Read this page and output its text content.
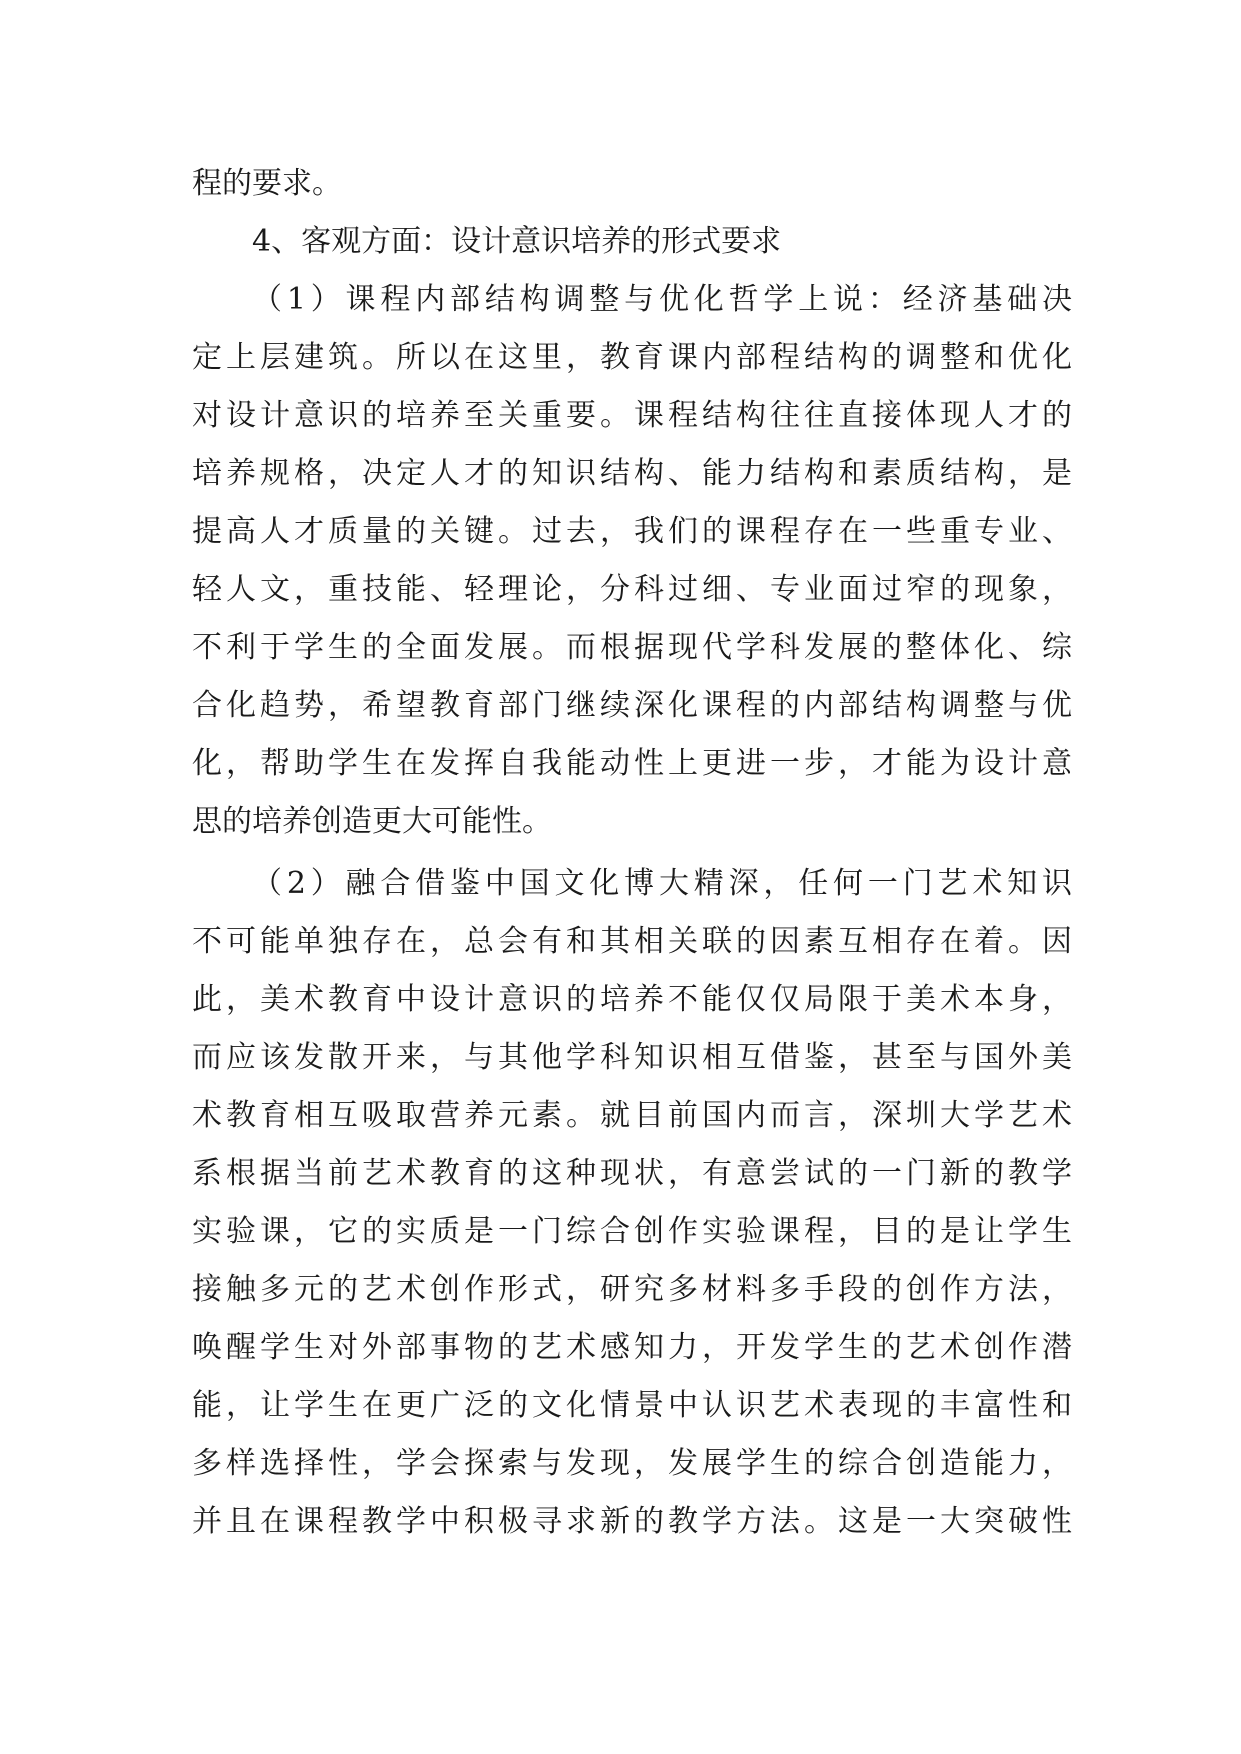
程的要求。
4、客观方面：设计意识培养的形式要求
（1）课程内部结构调整与优化哲学上说：经济基础决
定上层建筑。所以在这里，教育课内部程结构的调整和优化
对设计意识的培养至关重要。课程结构往往直接体现人才的
培养规格，决定人才的知识结构、能力结构和素质结构，是
提高人才质量的关键。过去，我们的课程存在一些重专业、
轻人文，重技能、轻理论，分科过细、专业面过窄的现象，
不利于学生的全面发展。而根据现代学科发展的整体化、综
合化趋势，希望教育部门继续深化课程的内部结构调整与优
化，帮助学生在发挥自我能动性上更进一步，才能为设计意
思的培养创造更大可能性。
（2）融合借鉴中国文化博大精深，任何一门艺术知识
不可能单独存在，总会有和其相关联的因素互相存在着。因
此，美术教育中设计意识的培养不能仅仅局限于美术本身，
而应该发散开来，与其他学科知识相互借鉴，甚至与国外美
术教育相互吸取营养元素。就目前国内而言，深圳大学艺术
系根据当前艺术教育的这种现状，有意尝试的一门新的教学
实验课，它的实质是一门综合创作实验课程，目的是让学生
接触多元的艺术创作形式，研究多材料多手段的创作方法，
唤醒学生对外部事物的艺术感知力，开发学生的艺术创作潜
能，让学生在更广泛的文化情景中认识艺术表现的丰富性和
多样选择性，学会探索与发现，发展学生的综合创造能力，
并且在课程教学中积极寻求新的教学方法。这是一大突破性
